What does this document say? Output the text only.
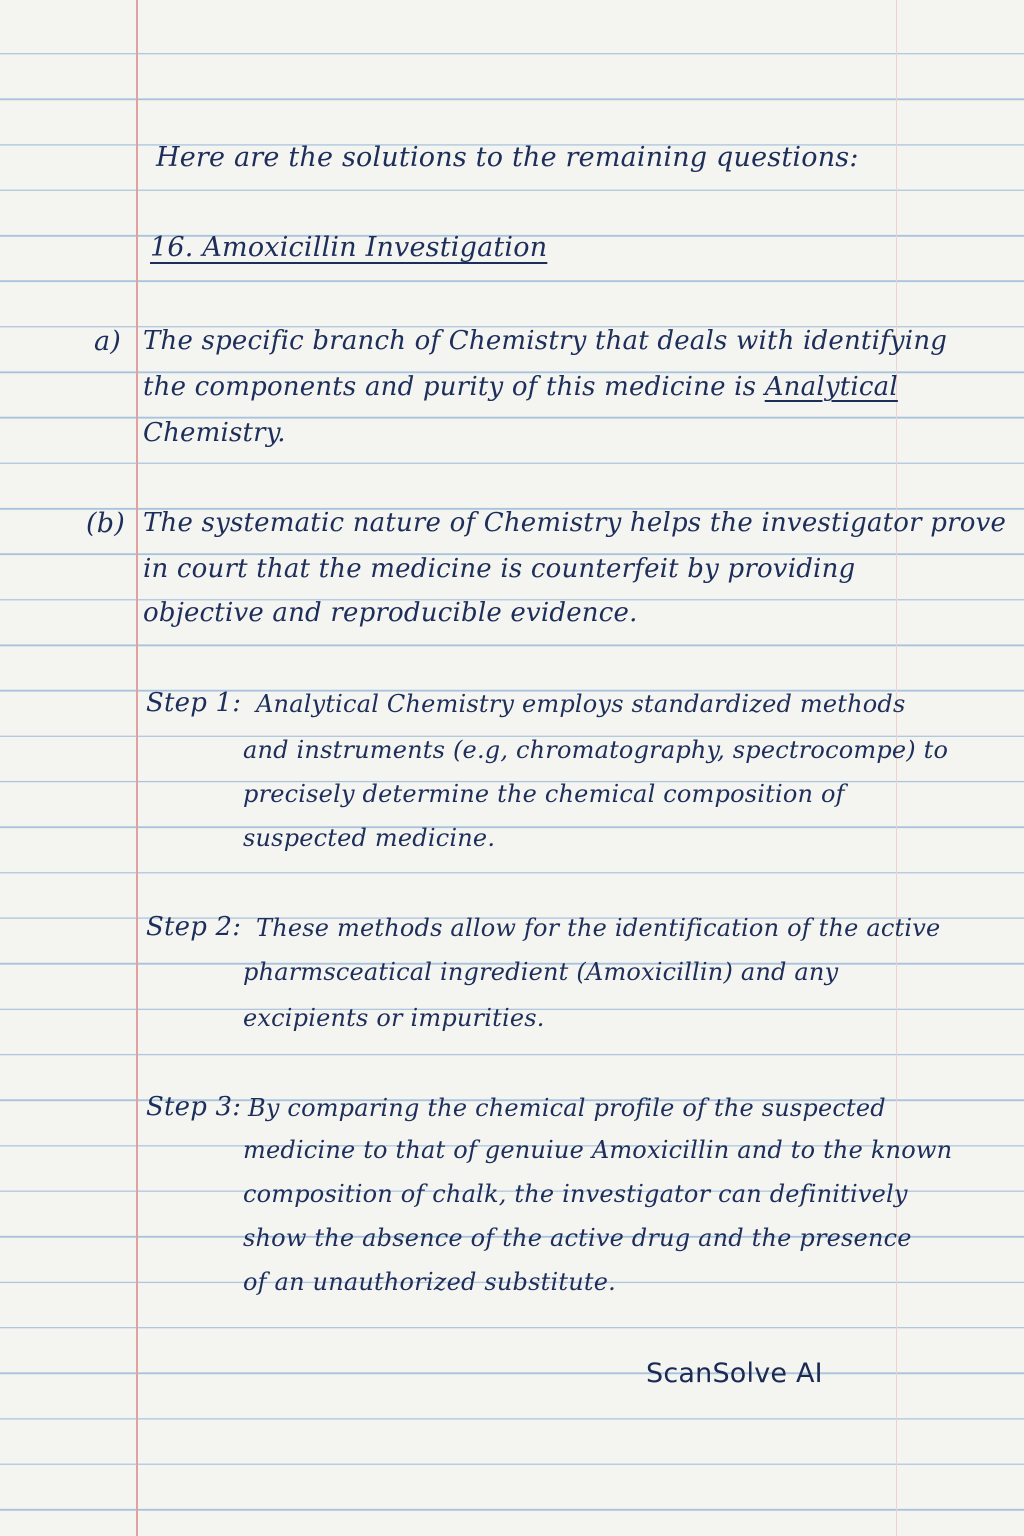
Here are the solutions to the remaining questions:
16. Amoxicillin Investigation
a) The specific branch of Chemistry that deals with identifying
the components and purity of this medicine is Analytical
Chemistry.
(b) The systematic nature of Chemistry helps the investigator prove
in court that the medicine is counterfeit by providing
objective and reproducible evidence.
Step 1: Analytical Chemistry employs standardized methods
and instruments (e.g, chromatography, spectrocompe) to
precisely determine the chemical composition of
suspected medicine.
Step 2: These methods allow for the identification of the active
pharmsceatical ingredient (Amoxicillin) and any
excipients or impurities.
Step 3: By comparing the chemical profile of the suspected
medicine to that of genuiue Amoxicillin and to the known
composition of chalk, the investigator can definitively
show the absence of the active drug and the presence
of an unauthorized substitute.
ScanSolve AI
